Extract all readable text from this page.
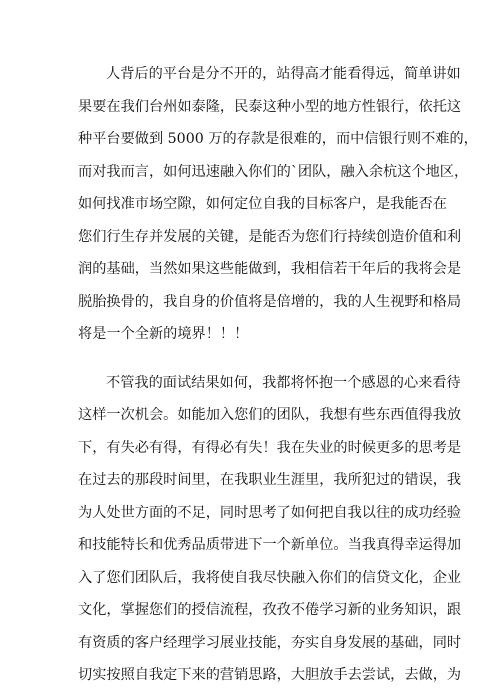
人背后的平台是分不开的，站得高才能看得远，简单讲如
果要在我们台州如泰隆，民泰这种小型的地方性银行，依托这
种平台要做到 5000 万的存款是很难的，而中信银行则不难的，
而对我而言，如何迅速融入你们的`团队，融入余杭这个地区，
如何找准市场空隙，如何定位自我的目标客户，是我能否在
您们行生存并发展的关键，是能否为您们行持续创造价值和利
润的基础，当然如果这些能做到，我相信若干年后的我将会是
脱胎换骨的，我自身的价值将是倍增的，我的人生视野和格局
将是一个全新的境界！！！
不管我的面试结果如何，我都将怀抱一个感恩的心来看待
这样一次机会。如能加入您们的团队，我想有些东西值得我放
下，有失必有得，有得必有失！我在失业的时候更多的思考是
在过去的那段时间里，在我职业生涯里，我所犯过的错误，我
为人处世方面的不足，同时思考了如何把自我以往的成功经验
和技能特长和优秀品质带进下一个新单位。当我真得幸运得加
入了您们团队后，我将使自我尽快融入你们的信贷文化，企业
文化，掌握您们的授信流程，孜孜不倦学习新的业务知识，跟
有资质的客户经理学习展业技能，夯实自身发展的基础，同时
切实按照自我定下来的营销思路，大胆放手去尝试，去做，为
